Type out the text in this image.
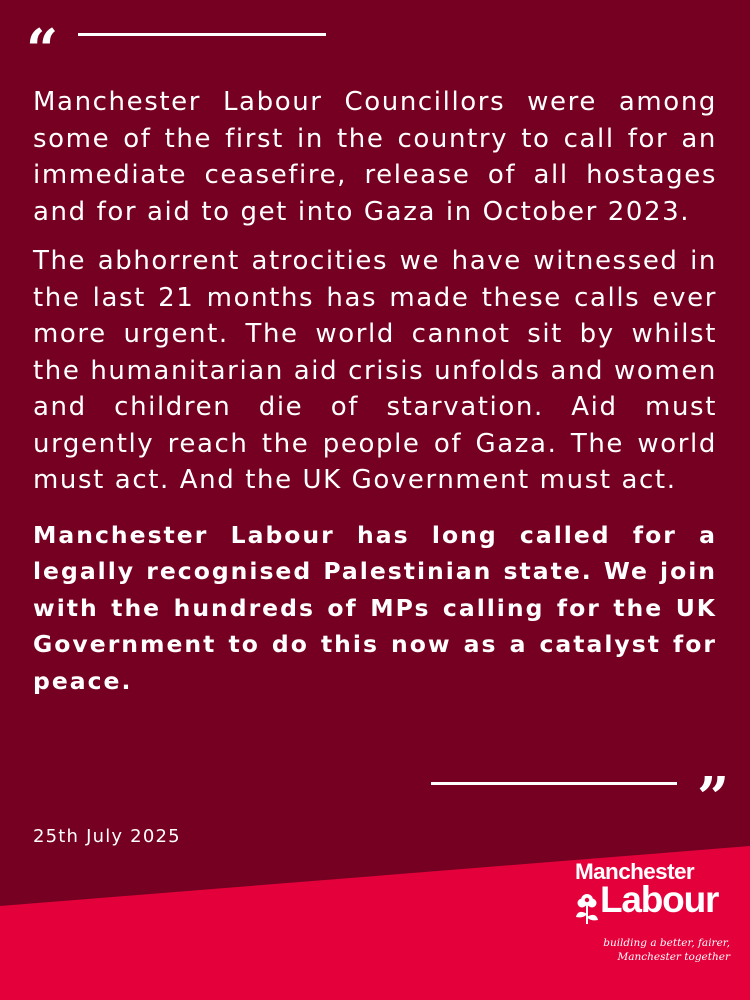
“

Manchester Labour Councillors were among some of the first in the country to call for an immediate ceasefire, release of all hostages and for aid to get into Gaza in October 2023.

The abhorrent atrocities we have witnessed in the last 21 months has made these calls ever more urgent. The world cannot sit by whilst the humanitarian aid crisis unfolds and women and children die of starvation. Aid must urgently reach the people of Gaza. The world must act. And the UK Government must act.

Manchester Labour has long called for a legally recognised Palestinian state. We join with the hundreds of MPs calling for the UK Government to do this now as a catalyst for peace.

”
25th July 2025
Manchester
Labour
building a better, fairer,
Manchester together
